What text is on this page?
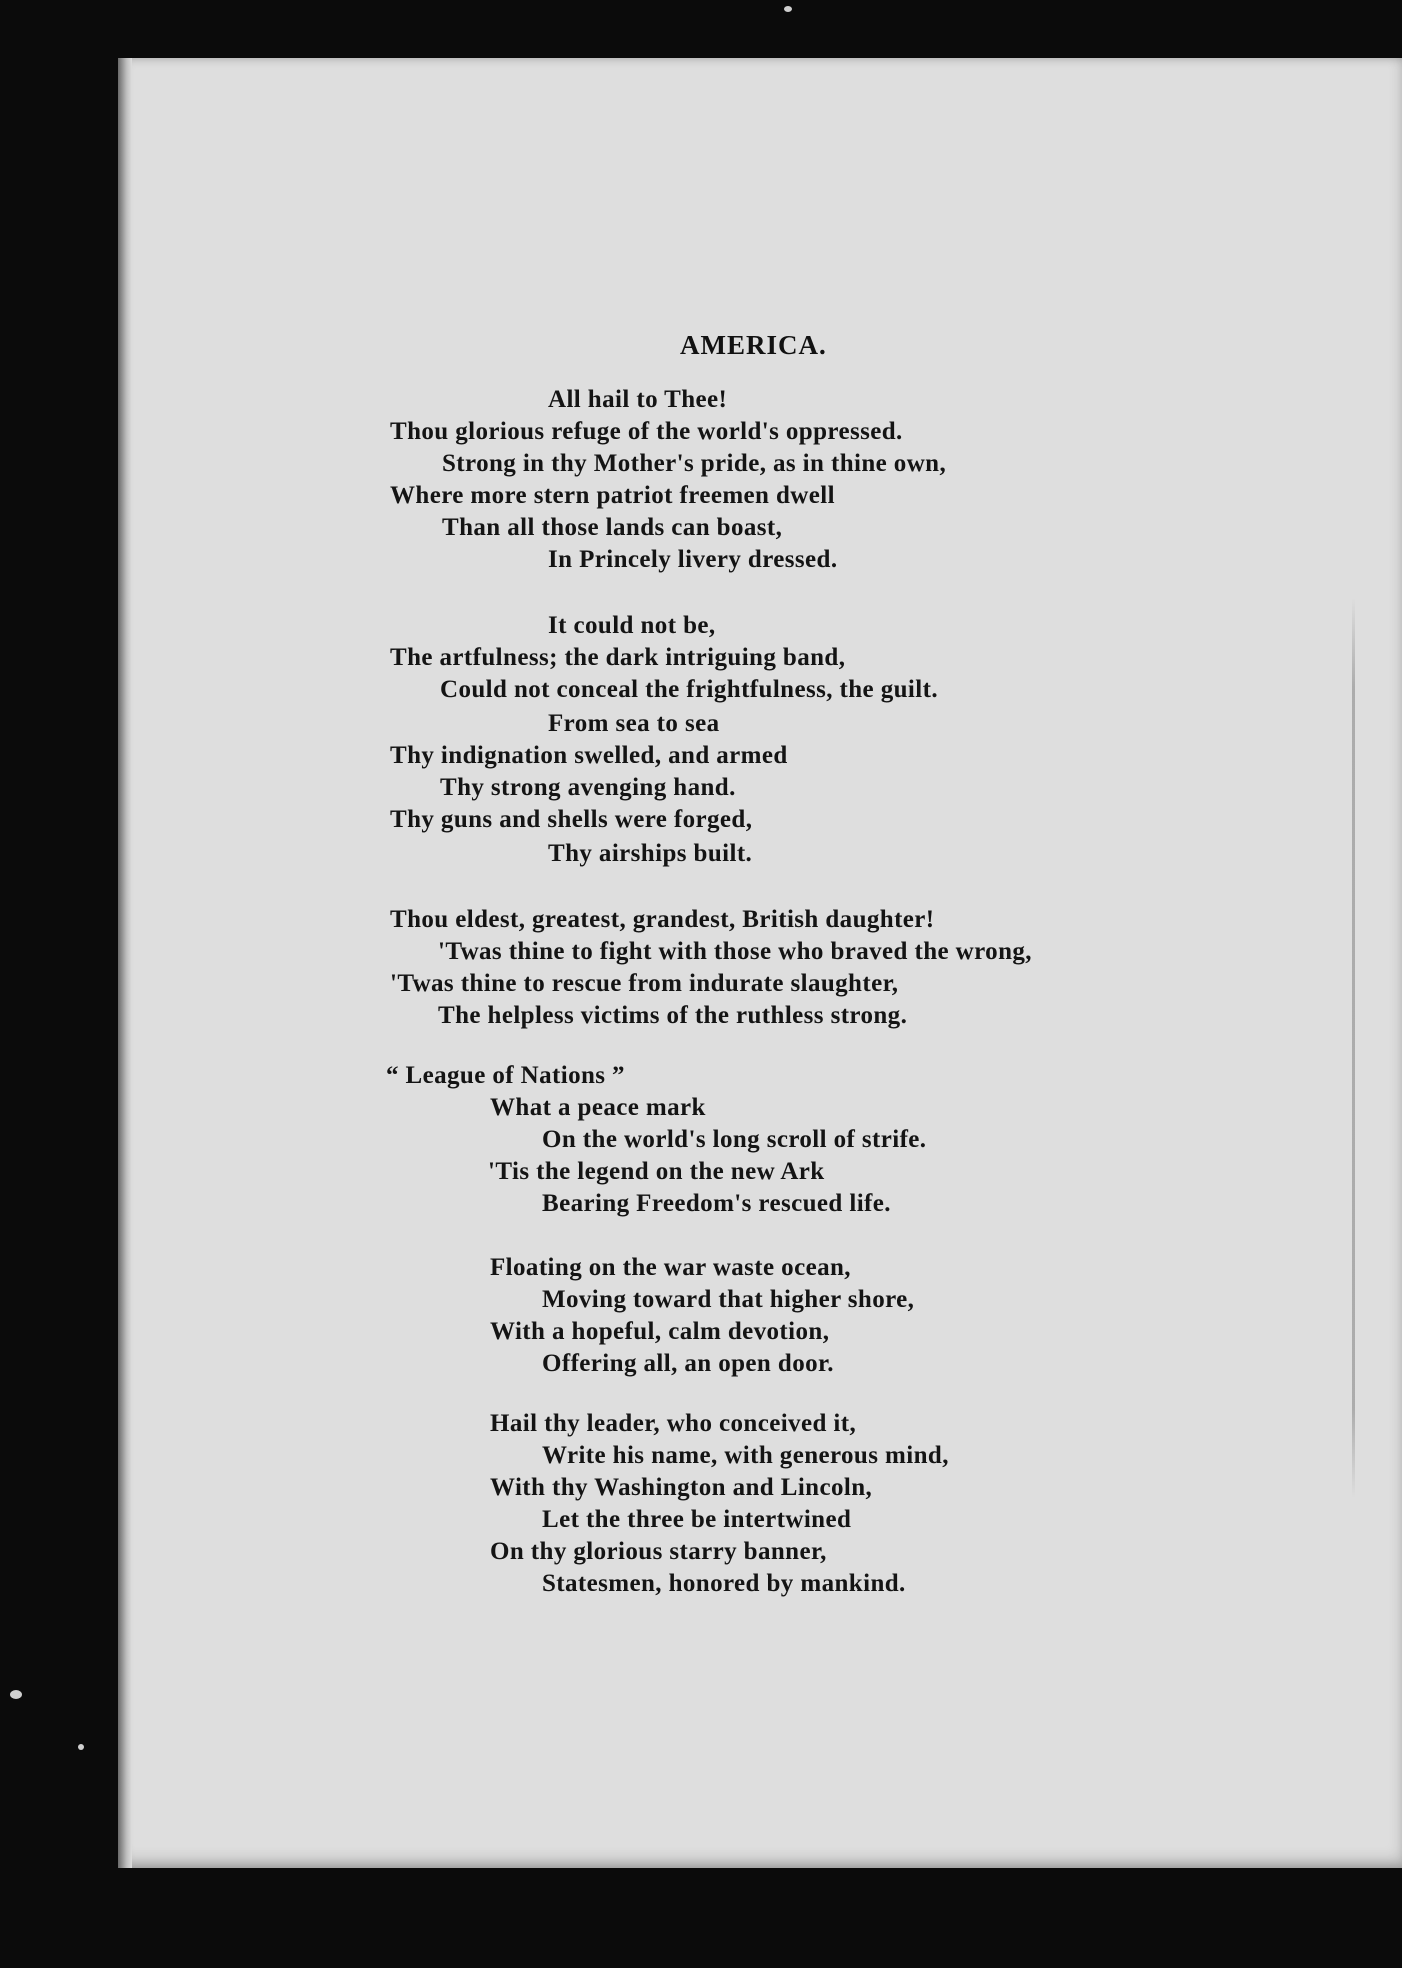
AMERICA.
All hail to Thee!
Thou glorious refuge of the world's oppressed.
Strong in thy Mother's pride, as in thine own,
Where more stern patriot freemen dwell
Than all those lands can boast,
In Princely livery dressed.
It could not be,
The artfulness; the dark intriguing band,
Could not conceal the frightfulness, the guilt.
From sea to sea
Thy indignation swelled, and armed
Thy strong avenging hand.
Thy guns and shells were forged,
Thy airships built.
Thou eldest, greatest, grandest, British daughter!
'Twas thine to fight with those who braved the wrong,
'Twas thine to rescue from indurate slaughter,
The helpless victims of the ruthless strong.
“ League of Nations ”
What a peace mark
On the world's long scroll of strife.
'Tis the legend on the new Ark
Bearing Freedom's rescued life.
Floating on the war waste ocean,
Moving toward that higher shore,
With a hopeful, calm devotion,
Offering all, an open door.
Hail thy leader, who conceived it,
Write his name, with generous mind,
With thy Washington and Lincoln,
Let the three be intertwined
On thy glorious starry banner,
Statesmen, honored by mankind.
